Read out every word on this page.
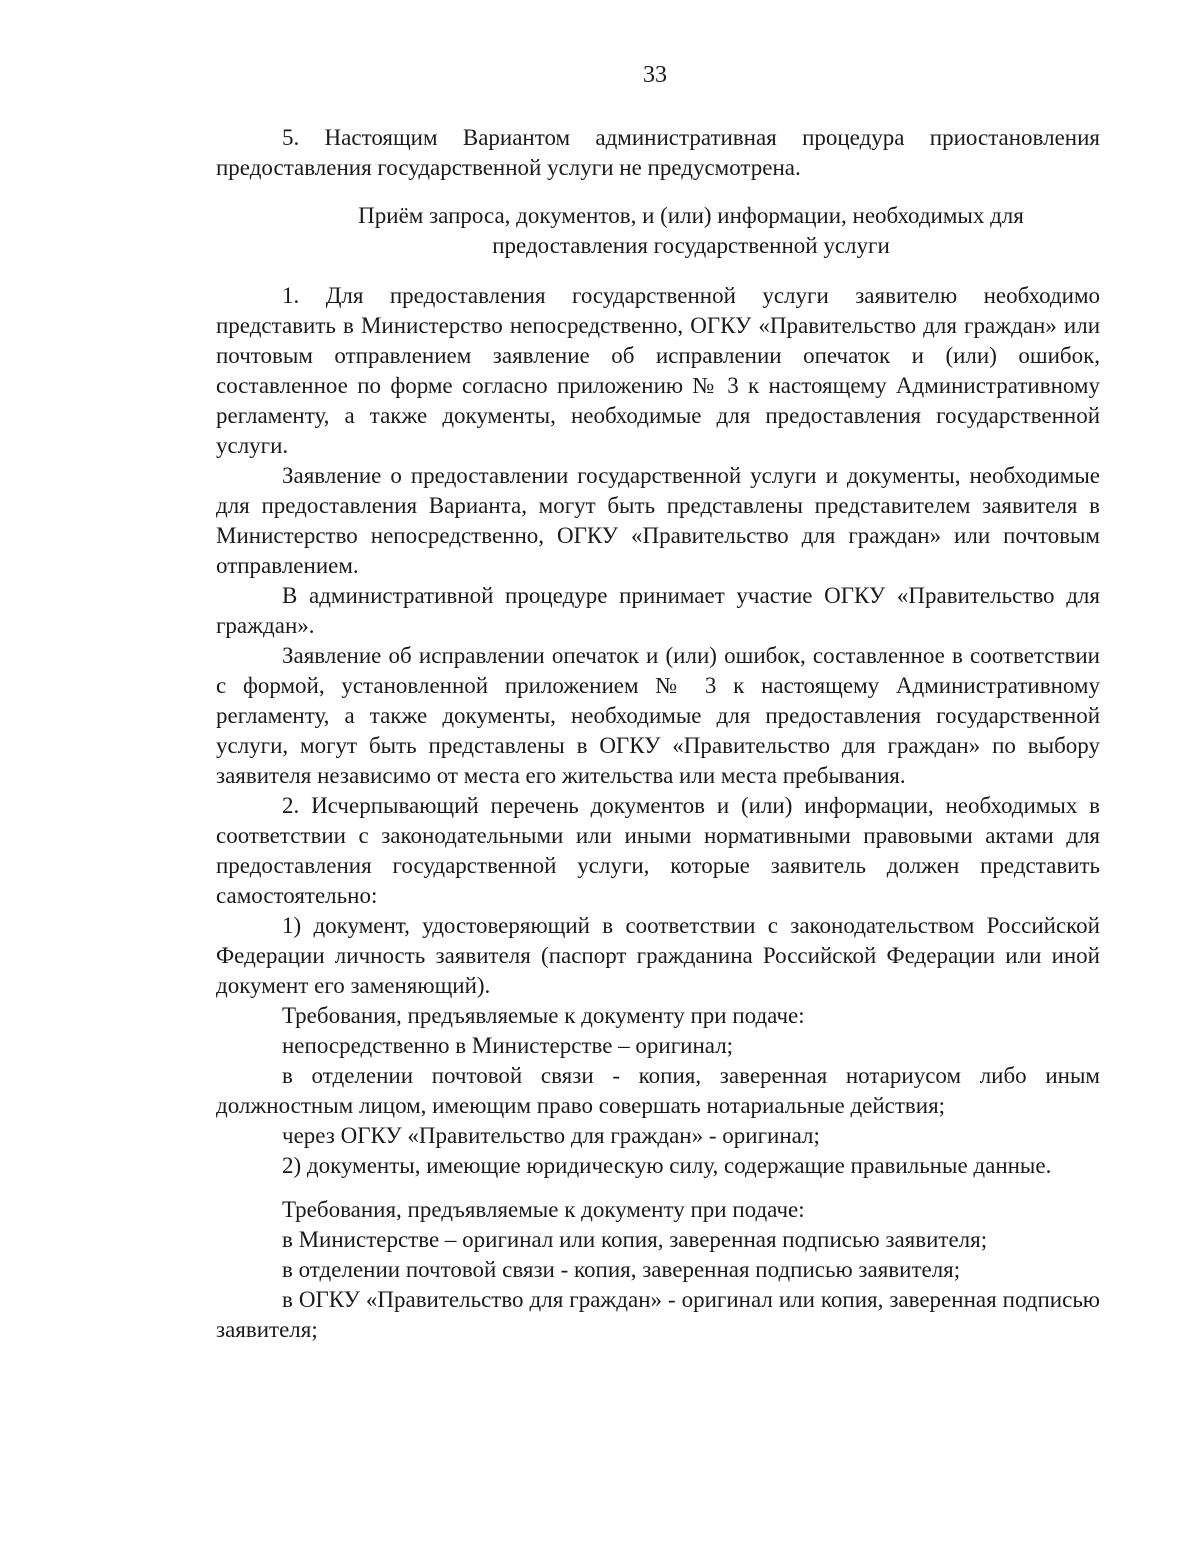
33

5. Настоящим Вариантом административная процедура приостановления предоставления государственной услуги не предусмотрена.

Приём запроса, документов, и (или) информации, необходимых для
предоставления государственной услуги

1. Для предоставления государственной услуги заявителю необходимо представить в Министерство непосредственно, ОГКУ «Правительство для граждан» или почтовым отправлением заявление об исправлении опечаток и (или) ошибок, составленное по форме согласно приложению № 3 к настоящему Административному регламенту, а также документы, необходимые для предоставления государственной услуги.

Заявление о предоставлении государственной услуги и документы, необходимые для предоставления Варианта, могут быть представлены представителем заявителя в Министерство непосредственно, ОГКУ «Правительство для граждан» или почтовым отправлением.

В административной процедуре принимает участие ОГКУ «Правительство для граждан».

Заявление об исправлении опечаток и (или) ошибок, составленное в соответствии с формой, установленной приложением № 3 к настоящему Административному регламенту, а также документы, необходимые для предоставления государственной услуги, могут быть представлены в ОГКУ «Правительство для граждан» по выбору заявителя независимо от места его жительства или места пребывания.

2. Исчерпывающий перечень документов и (или) информации, необходимых в соответствии с законодательными или иными нормативными правовыми актами для предоставления государственной услуги, которые заявитель должен представить самостоятельно:

1) документ, удостоверяющий в соответствии с законодательством Российской Федерации личность заявителя (паспорт гражданина Российской Федерации или иной документ его заменяющий).

Требования, предъявляемые к документу при подаче:

непосредственно в Министерстве – оригинал;

в отделении почтовой связи - копия, заверенная нотариусом либо иным должностным лицом, имеющим право совершать нотариальные действия;

через ОГКУ «Правительство для граждан» - оригинал;

2) документы, имеющие юридическую силу, содержащие правильные данные.

Требования, предъявляемые к документу при подаче:

в Министерстве – оригинал или копия, заверенная подписью заявителя;

в отделении почтовой связи - копия, заверенная подписью заявителя;

в ОГКУ «Правительство для граждан» - оригинал или копия, заверенная подписью заявителя;
